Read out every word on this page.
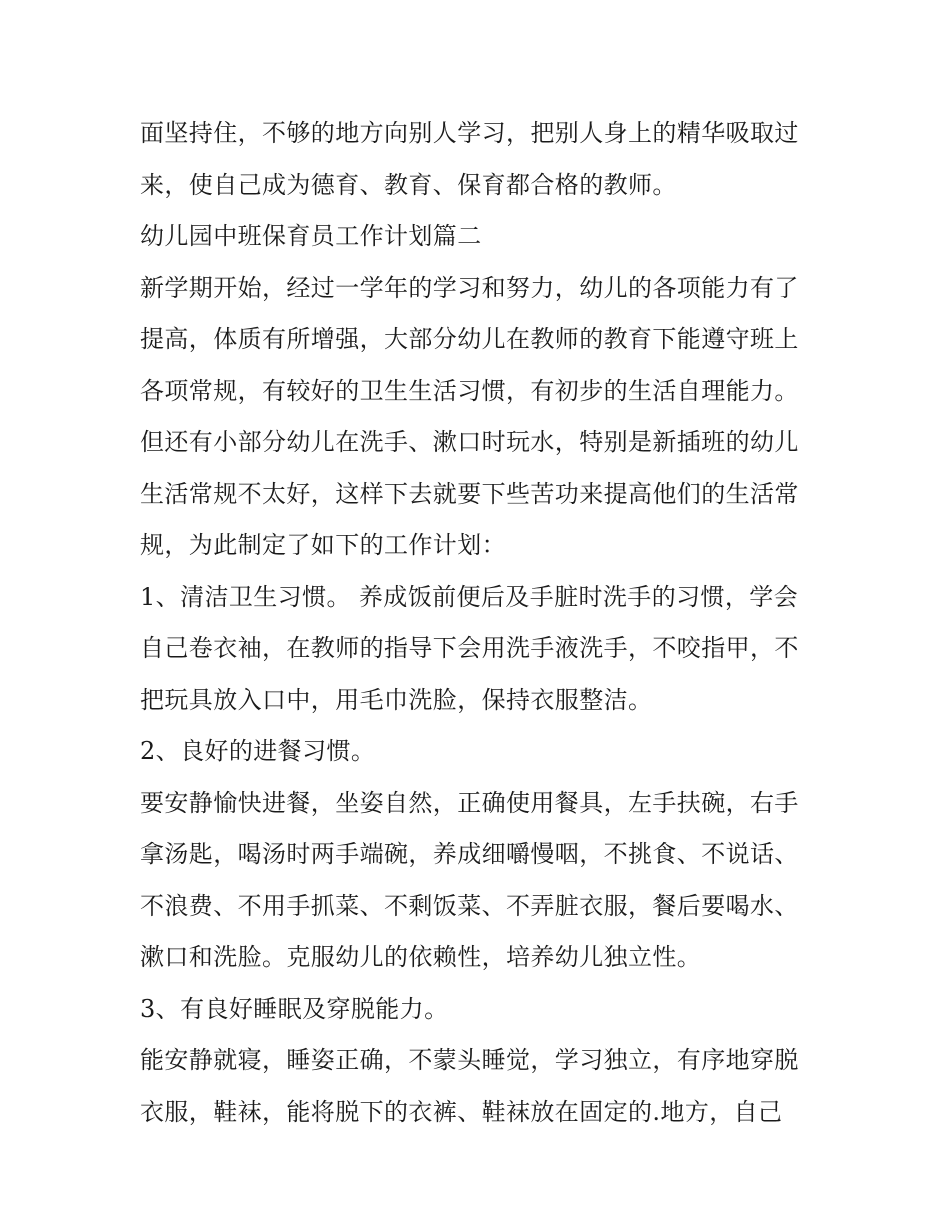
面坚持住，不够的地方向别人学习，把别人身上的精华吸取过
来，使自己成为德育、教育、保育都合格的教师。
幼儿园中班保育员工作计划篇二
新学期开始，经过一学年的学习和努力，幼儿的各项能力有了
提高，体质有所增强，大部分幼儿在教师的教育下能遵守班上
各项常规，有较好的卫生生活习惯，有初步的生活自理能力。
但还有小部分幼儿在洗手、漱口时玩水，特别是新插班的幼儿
生活常规不太好，这样下去就要下些苦功来提高他们的生活常
规，为此制定了如下的工作计划：
1、清洁卫生习惯。 养成饭前便后及手脏时洗手的习惯，学会
自己卷衣袖，在教师的指导下会用洗手液洗手，不咬指甲，不
把玩具放入口中，用毛巾洗脸，保持衣服整洁。
2、良好的进餐习惯。
要安静愉快进餐，坐姿自然，正确使用餐具，左手扶碗，右手
拿汤匙，喝汤时两手端碗，养成细嚼慢咽，不挑食、不说话、
不浪费、不用手抓菜、不剩饭菜、不弄脏衣服，餐后要喝水、
漱口和洗脸。克服幼儿的依赖性，培养幼儿独立性。
3、有良好睡眠及穿脱能力。
能安静就寝，睡姿正确，不蒙头睡觉，学习独立，有序地穿脱
衣服，鞋袜，能将脱下的衣裤、鞋袜放在固定的.地方，自己
